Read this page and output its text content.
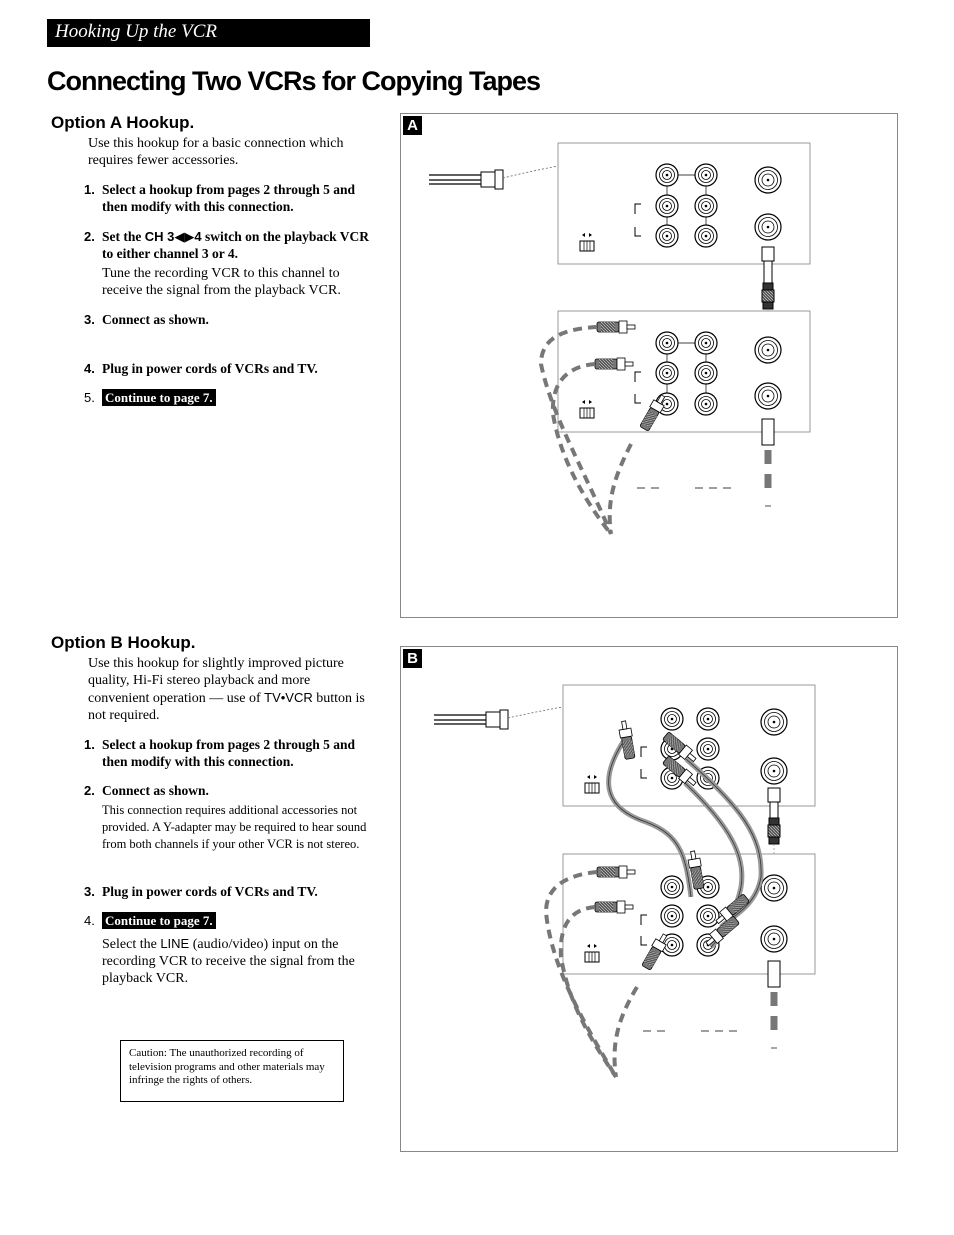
Hooking Up the VCR
Connecting Two VCRs for Copying Tapes
Option A Hookup.
Use this hookup for a basic connection which requires fewer accessories.
1. Select a hookup from pages 2 through 5 and then modify with this connection.
2. Set the CH 3◀▶4 switch on the playback VCR to either channel 3 or 4.
Tune the recording VCR to this channel to receive the signal from the playback VCR.
3. Connect as shown.
4. Plug in power cords of VCRs and TV.
5. Continue to page 7.
Option B Hookup.
Use this hookup for slightly improved picture quality, Hi-Fi stereo playback and more convenient operation — use of TV•VCR button is not required.
1. Select a hookup from pages 2 through 5 and then modify with this connection.
2. Connect as shown.
This connection requires additional accessories not provided. A Y-adapter may be required to hear sound from both channels if your other VCR is not stereo.
3. Plug in power cords of VCRs and TV.
4. Continue to page 7.
Select the LINE (audio/video) input on the recording VCR to receive the signal from the playback VCR.
Caution: The unauthorized recording of television programs and other materials may infringe the rights of others.
A
B
